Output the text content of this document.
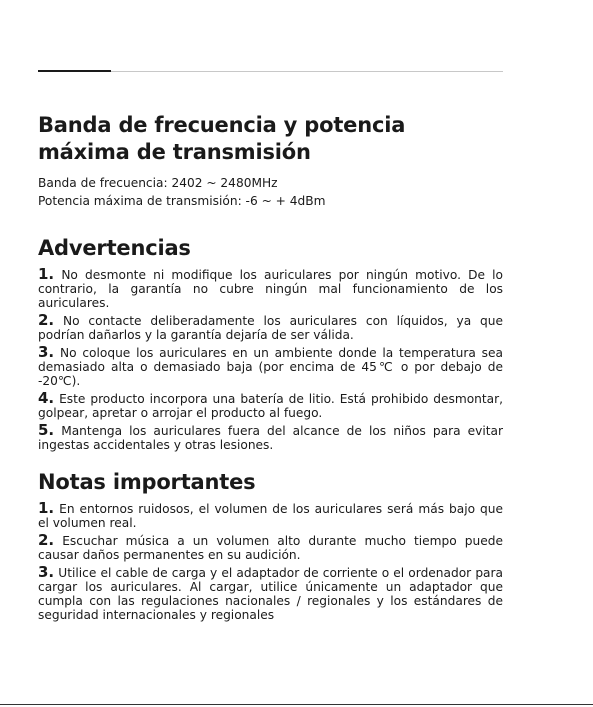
Banda de frecuencia y potencia máxima de transmisión

Banda de frecuencia: 2402 ~ 2480MHz

Potencia máxima de transmisión: -6 ~ + 4dBm

Advertencias

1. No desmonte ni modifique los auriculares por ningún motivo. De lo contrario, la garantía no cubre ningún mal funcionamiento de los auriculares.

2. No contacte deliberadamente los auriculares con líquidos, ya que podrían dañarlos y la garantía dejaría de ser válida.

3. No coloque los auriculares en un ambiente donde la temperatura sea demasiado alta o demasiado baja (por encima de 45℃ o por debajo de -20℃).

4. Este producto incorpora una batería de litio. Está prohibido desmontar, golpear, apretar o arrojar el producto al fuego.

5. Mantenga los auriculares fuera del alcance de los niños para evitar ingestas accidentales y otras lesiones.

Notas importantes

1. En entornos ruidosos, el volumen de los auriculares será más bajo que el volumen real.

2. Escuchar música a un volumen alto durante mucho tiempo puede causar daños permanentes en su audición.

3. Utilice el cable de carga y el adaptador de corriente o el ordenador para cargar los auriculares. Al cargar, utilice únicamente un adaptador que cumpla con las regulaciones nacionales / regionales y los estándares de seguridad internacionales y regionales
